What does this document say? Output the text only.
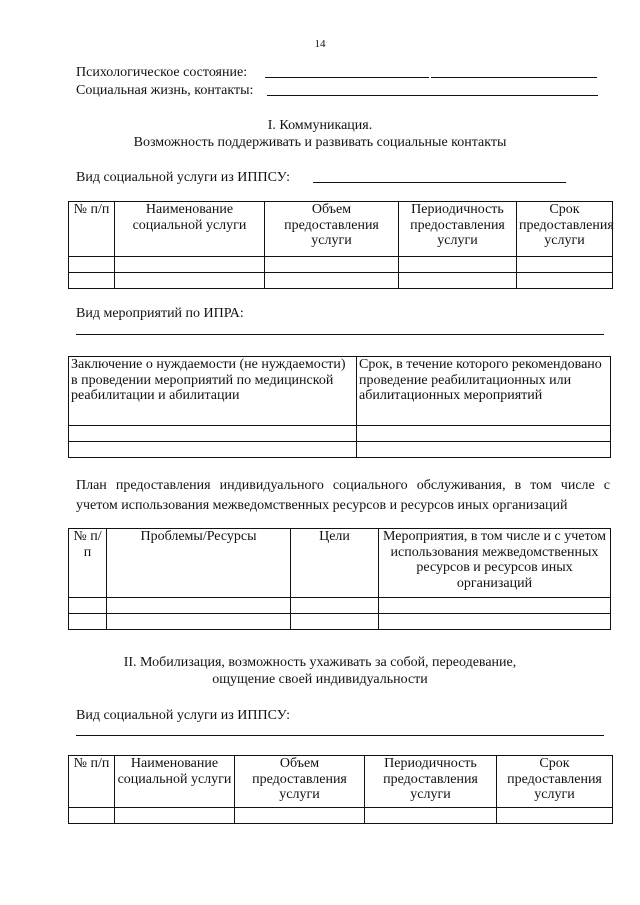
14
Психологическое состояние:
Социальная жизнь, контакты:
I. Коммуникация.
Возможность поддерживать и развивать социальные контакты
Вид социальной услуги из ИППСУ:
№ п/п	Наименование социальной услуги	Объем предоставления услуги	Периодичность предоставления услуги	Срок предоставления услуги

Вид мероприятий по ИПРА:
Заключение о нуждаемости (не нуждаемости) в проведении мероприятий по медицинской реабилитации и абилитации	Срок, в течение которого рекомендовано проведение реабилитационных или абилитационных мероприятий

План предоставления индивидуального социального обслуживания, в том числе с учетом использования межведомственных ресурсов и ресурсов иных организаций
№ п/п	Проблемы/Ресурсы	Цели	Мероприятия, в том числе и с учетом использования межведомственных ресурсов и ресурсов иных организаций

II. Мобилизация, возможность ухаживать за собой, переодевание,
ощущение своей индивидуальности
Вид социальной услуги из ИППСУ:
№ п/п	Наименование социальной услуги	Объем предоставления услуги	Периодичность предоставления услуги	Срок предоставления услуги
